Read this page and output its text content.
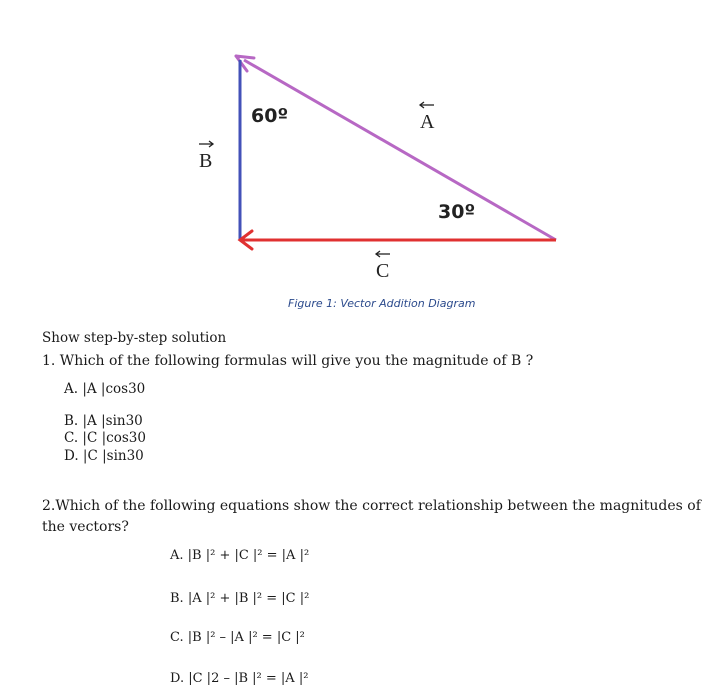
B
A
C
60º
30º
Figure 1: Vector Addition Diagram
Show step-by-step solution
1. Which of the following formulas will give you the magnitude of B ?
A. |A |cos30
B. |A |sin30
C. |C |cos30
D. |C |sin30
2.Which of the following equations show the correct relationship between the magnitudes of the vectors?
A. |B |² + |C |² = |A |²
B. |A |² + |B |² = |C |²
C. |B |² – |A |² = |C |²
D. |C |2 – |B |² = |A |²
